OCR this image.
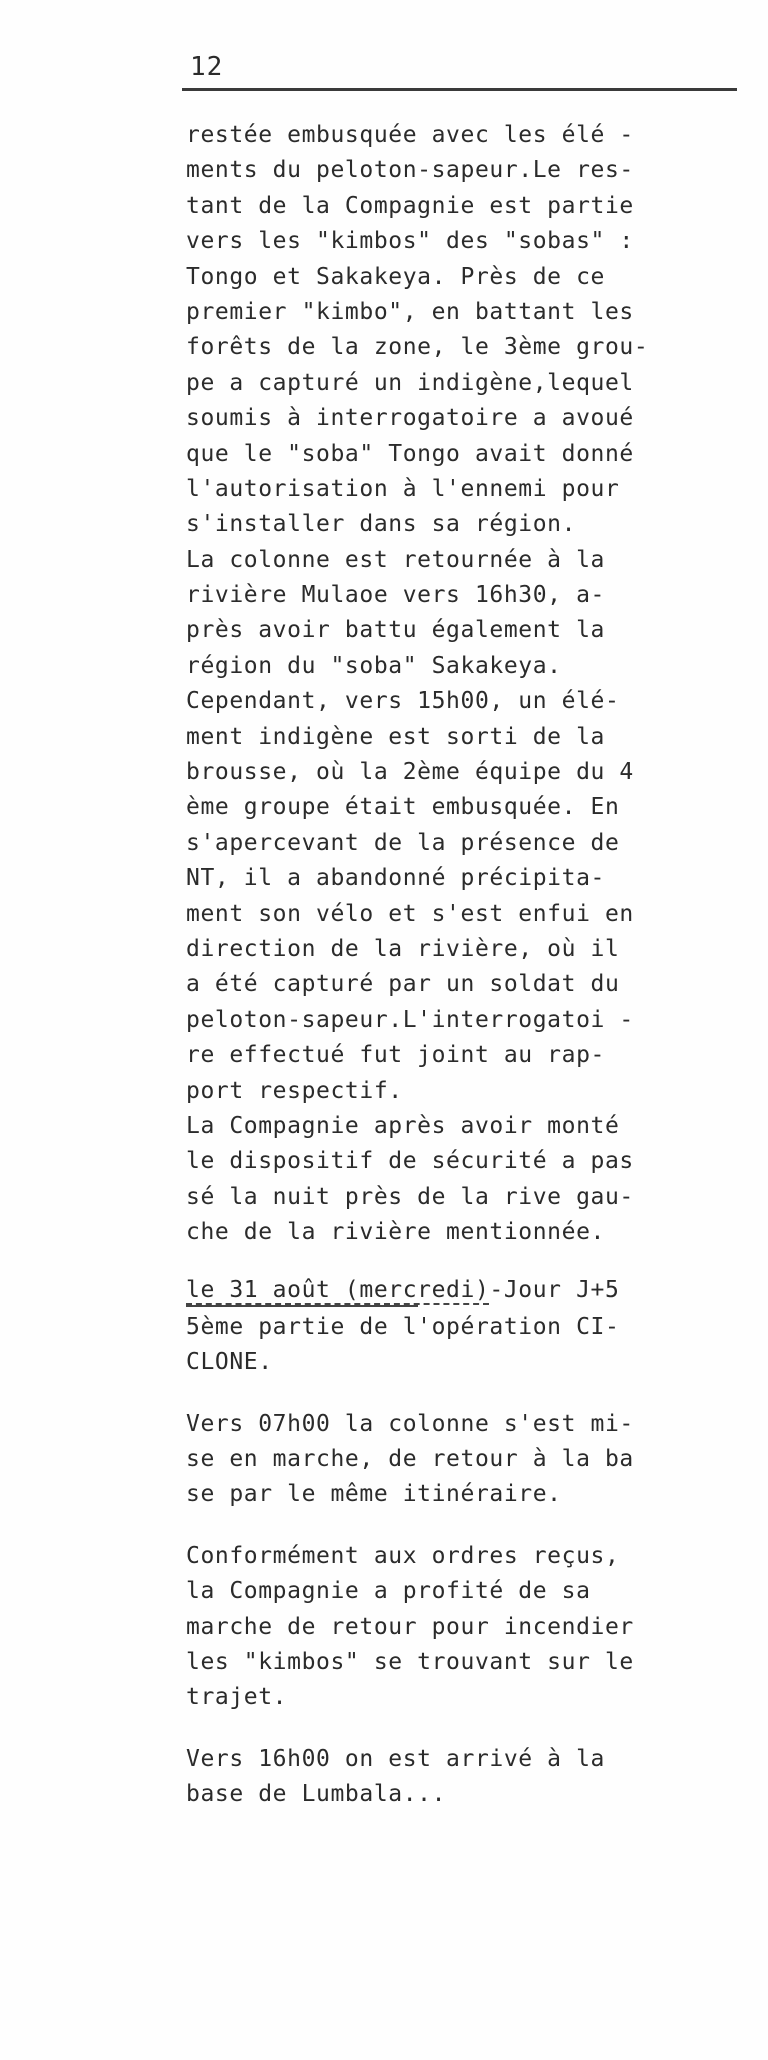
12
restée embusquée avec les élé -
ments du peloton-sapeur.Le res-
tant de la Compagnie est partie
vers les "kimbos" des "sobas" :
Tongo et Sakakeya. Près de ce
premier "kimbo", en battant les
forêts de la zone, le 3ème grou-
pe a capturé un indigène,lequel
soumis à interrogatoire a avoué
que le "soba" Tongo avait donné
l'autorisation à l'ennemi pour
s'installer dans sa région.
La colonne est retournée à la
rivière Mulaoe vers 16h30, a-
près avoir battu également la
région du "soba" Sakakeya.
Cependant, vers 15h00, un élé-
ment indigène est sorti de la
brousse, où la 2ème équipe du 4
ème groupe était embusquée. En
s'apercevant de la présence de
NT, il a abandonné précipita-
ment son vélo et s'est enfui en
direction de la rivière, où il
a été capturé par un soldat du
peloton-sapeur.L'interrogatoi -
re effectué fut joint au rap-
port respectif.
La Compagnie après avoir monté
le dispositif de sécurité a pas
sé la nuit près de la rive gau-
che de la rivière mentionnée.
le 31 août (mercredi)-Jour J+5
5ème partie de l'opération CI-
CLONE.
Vers 07h00 la colonne s'est mi-
se en marche, de retour à la ba
se par le même itinéraire.
Conformément aux ordres reçus,
la Compagnie a profité de sa
marche de retour pour incendier
les "kimbos" se trouvant sur le
trajet.
Vers 16h00 on est arrivé à la
base de Lumbala...
